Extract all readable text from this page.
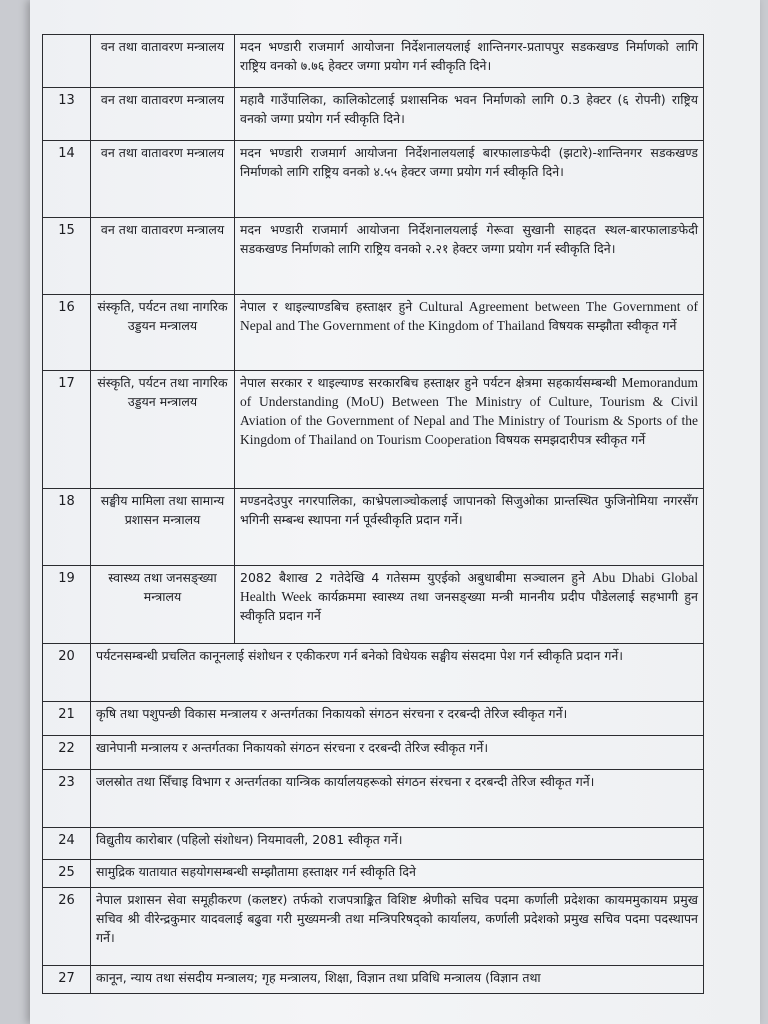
	वन तथा वातावरण मन्त्रालय	मदन भण्डारी राजमार्ग आयोजना निर्देशनालयलाई शान्तिनगर-प्रतापपुर सडकखण्ड निर्माणको लागि राष्ट्रिय वनको ७.७६ हेक्टर जग्गा प्रयोग गर्न स्वीकृति दिने।
13	वन तथा वातावरण मन्त्रालय	महावै गाउँपालिका, कालिकोटलाई प्रशासनिक भवन निर्माणको लागि 0.3 हेक्टर (६ रोपनी) राष्ट्रिय वनको जग्गा प्रयोग गर्न स्वीकृति दिने।
14	वन तथा वातावरण मन्त्रालय	मदन भण्डारी राजमार्ग आयोजना निर्देशनालयलाई बारफालाङफेदी (झटारे)-शान्तिनगर सडकखण्ड निर्माणको लागि राष्ट्रिय वनको ४.५५ हेक्टर जग्गा प्रयोग गर्न स्वीकृति दिने।
15	वन तथा वातावरण मन्त्रालय	मदन भण्डारी राजमार्ग आयोजना निर्देशनालयलाई गेरूवा सुखानी साहदत स्थल-बारफालाङफेदी सडकखण्ड निर्माणको लागि राष्ट्रिय वनको २.२१ हेक्टर जग्गा प्रयोग गर्न स्वीकृति दिने।
16	संस्कृति, पर्यटन तथा नागरिक उड्डयन मन्त्रालय	नेपाल र थाइल्याण्डबिच हस्ताक्षर हुने Cultural Agreement between The Government of Nepal and The Government of the Kingdom of Thailand विषयक सम्झौता स्वीकृत गर्ने
17	संस्कृति, पर्यटन तथा नागरिक उड्डयन मन्त्रालय	नेपाल सरकार र थाइल्याण्ड सरकारबिच हस्ताक्षर हुने पर्यटन क्षेत्रमा सहकार्यसम्बन्धी Memorandum of Understanding (MoU) Between The Ministry of Culture, Tourism & Civil Aviation of the Government of Nepal and The Ministry of Tourism & Sports of the Kingdom of Thailand on Tourism Cooperation विषयक समझदारीपत्र स्वीकृत गर्ने
18	सङ्घीय मामिला तथा सामान्य प्रशासन मन्त्रालय	मण्डनदेउपुर नगरपालिका, काभ्रेपलाञ्चोकलाई जापानको सिजुओका प्रान्तस्थित फुजिनोमिया नगरसँग भगिनी सम्बन्ध स्थापना गर्न पूर्वस्वीकृति प्रदान गर्ने।
19	स्वास्थ्य तथा जनसङ्ख्या मन्त्रालय	2082 बैशाख 2 गतेदेखि 4 गतेसम्म युएईको अबुधाबीमा सञ्चालन हुने Abu Dhabi Global Health Week कार्यक्रममा स्वास्थ्य तथा जनसङ्ख्या मन्त्री माननीय प्रदीप पौडेललाई सहभागी हुन स्वीकृति प्रदान गर्ने
20	पर्यटनसम्बन्धी प्रचलित कानूनलाई संशोधन र एकीकरण गर्न बनेको विधेयक सङ्घीय संसदमा पेश गर्न स्वीकृति प्रदान गर्ने।	
21	कृषि तथा पशुपन्छी विकास मन्त्रालय र अन्तर्गतका निकायको संगठन संरचना र दरबन्दी तेरिज स्वीकृत गर्ने।	
22	खानेपानी मन्त्रालय र अन्तर्गतका निकायको संगठन संरचना र दरबन्दी तेरिज स्वीकृत गर्ने।	
23	जलस्रोत तथा सिँचाइ विभाग र अन्तर्गतका यान्त्रिक कार्यालयहरूको संगठन संरचना र दरबन्दी तेरिज स्वीकृत गर्ने।	
24	विद्युतीय कारोबार (पहिलो संशोधन) नियमावली, 2081 स्वीकृत गर्ने।	
25	सामुद्रिक यातायात सहयोगसम्बन्धी सम्झौतामा हस्ताक्षर गर्न स्वीकृति दिने	
26	नेपाल प्रशासन सेवा समूहीकरण (कलष्टर) तर्फको राजपत्राङ्कित विशिष्ट श्रेणीको सचिव पदमा कर्णाली प्रदेशका कायममुकायम प्रमुख सचिव श्री वीरेन्द्रकुमार यादवलाई बढुवा गरी मुख्यमन्त्री तथा मन्त्रिपरिषद्को कार्यालय, कर्णाली प्रदेशको प्रमुख सचिव पदमा पदस्थापन गर्ने।	
27	कानून, न्याय तथा संसदीय मन्त्रालय; गृह मन्त्रालय, शिक्षा, विज्ञान तथा प्रविधि मन्त्रालय (विज्ञान तथा	
